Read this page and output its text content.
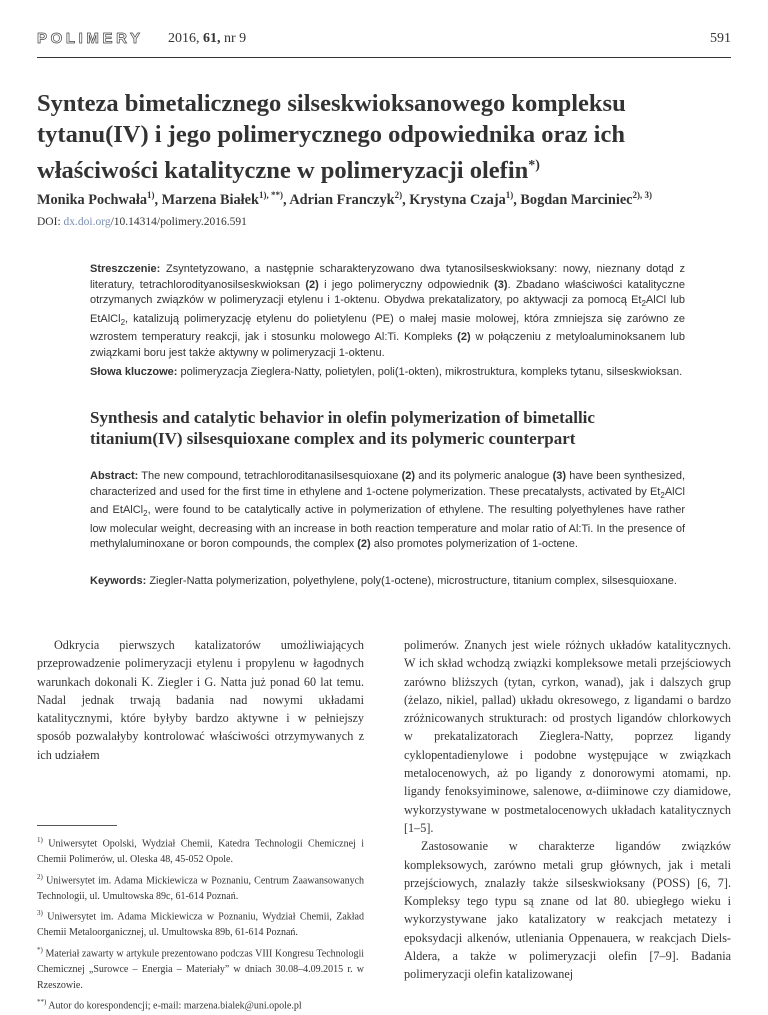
POLIMERY 2016, 61, nr 9	591
Synteza bimetalicznego silseskwioksanowego kompleksu
tytanu(IV) i jego polimerycznego odpowiednika oraz ich
właściwości katalityczne w polimeryzacji olefin*)
Monika Pochwała$^{1)}$, Marzena Białek$^{1), **)}$, Adrian Franczyk$^{2)}$, Krystyna Czaja$^{1)}$, Bogdan Marciniec$^{2), 3)}$
DOI: dx.doi.org/10.14314/polimery.2016.591
Streszczenie: Zsyntetyzowano, a następnie scharakteryzowano dwa tytanosilseskwioksany: nowy, nieznany dotąd z literatury, tetrachlorodityanosilseskwioksan (2) i jego polimeryczny odpowiednik (3). Zbadano właściwości katalityczne otrzymanych związków w polimeryzacji etylenu i 1-oktenu. Obydwa prekatalizatory, po aktywacji za pomocą $Et_2AlCl$ lub EtAlCl$_2$, katalizują polimeryzację etylenu do polietylenu (PE) o małej masie molowej, która zmniejsza się zarówno ze wzrostem temperatury reakcji, jak i stosunku molowego Al:Ti. Kompleks (2) w połączeniu z metyloaluminoksanem lub związkami boru jest także aktywny w polimeryzacji 1-oktenu.
Słowa kluczowe: polimeryzacja Zieglera-Natty, polietylen, poli(1-okten), mikrostruktura, kompleks tytanu, silseskwioksan.
Synthesis and catalytic behavior in olefin polymerization of bimetallic
titanium(IV) silsesquioxane complex and its polymeric counterpart
Abstract: The new compound, tetrachloroditanasilsesquioxane (2) and its polymeric analogue (3) have been synthesized, characterized and used for the first time in ethylene and 1-octene polymerization. These precatalysts, activated by $Et_2AlCl$ and EtAlCl$_2$, were found to be catalytically active in polymerization of ethylene. The resulting polyethylenes have rather low molecular weight, decreasing with an increase in both reaction temperature and molar ratio of Al:Ti. In the presence of methylaluminoxane or boron compounds, the complex (2) also promotes polymerization of 1-octene.
Keywords: Ziegler-Natta polymerization, polyethylene, poly(1-octene), microstructure, titanium complex, silsesquioxane.

Odkrycia pierwszych katalizatorów umożliwiających przeprowadzenie polimeryzacji etylenu i propylenu w łagodnych warunkach dokonali K. Ziegler i G. Natta już ponad 60 lat temu. Nadal jednak trwają badania nad nowymi układami katalitycznymi, które byłyby bardzo aktywne i w pełniejszy sposób pozwalałyby kontrolować właściwości otrzymywanych z ich udziałem

$^{1)}$ Uniwersytet Opolski, Wydział Chemii, Katedra Technologii Chemicznej i Chemii Polimerów, ul. Oleska 48, 45-052 Opole.

$^{2)}$ Uniwersytet im. Adama Mickiewicza w Poznaniu, Centrum Zaawansowanych Technologii, ul. Umultowska 89c, 61-614 Poznań.

$^{3)}$ Uniwersytet im. Adama Mickiewicza w Poznaniu, Wydział Chemii, Zakład Chemii Metaloorganicznej, ul. Umultowska 89b, 61-614 Poznań.

*) Materiał zawarty w artykule prezentowano podczas VIII Kongresu Technologii Chemicznej „Surowce – Energia – Materiały” w dniach 30.08–4.09.2015 r. w Rzeszowie.

**) Autor do korespondencji; e-mail: marzena.bialek@uni.opole.pl

polimerów. Znanych jest wiele różnych układów katalitycznych. W ich skład wchodzą związki kompleksowe metali przejściowych zarówno bliższych (tytan, cyrkon, wanad), jak i dalszych grup (żelazo, nikiel, pallad) układu okresowego, z ligandami o bardzo zróżnicowanych strukturach: od prostych ligandów chlorkowych w prekatalizatorach Zieglera-Natty, poprzez ligandy cyklopentadienylowe i podobne występujące w związkach metalocenowych, aż po ligandy z donorowymi atomami, np. ligandy fenoksyiminowe, salenowe, α-diiminowe czy diamidowe, wykorzystywane w postmetalocenowych układach katalitycznych [1–5].

Zastosowanie w charakterze ligandów związków kompleksowych, zarówno metali grup głównych, jak i metali przejściowych, znalazły także silseskwioksany (POSS) [6, 7]. Kompleksy tego typu są znane od lat 80. ubiegłego wieku i wykorzystywane jako katalizatory w reakcjach metatezy i epoksydacji alkenów, utleniania Oppenauera, w reakcjach Diels-Aldera, a także w polimeryzacji olefin [7–9]. Badania polimeryzacji olefin katalizowanej
